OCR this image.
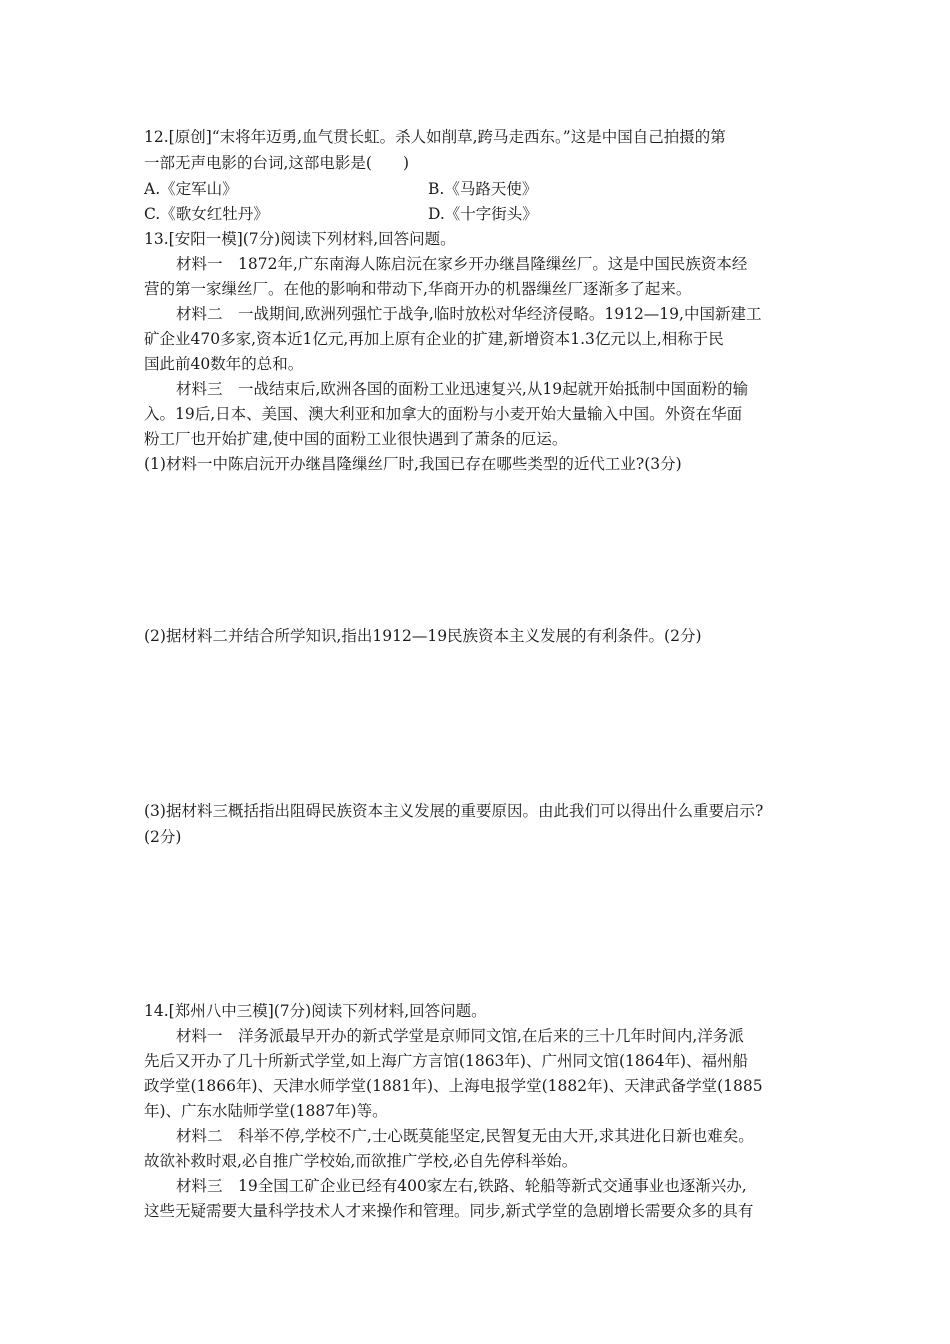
12.[原创]“末将年迈勇,血气贯长虹。杀人如削草,跨马走西东。”这是中国自己拍摄的第
一部无声电影的台词,这部电影是(　　)
A.《定军山》	B.《马路天使》
C.《歌女红牡丹》	D.《十字街头》
13.[安阳一模](7分)阅读下列材料,回答问题。
材料一　1872年,广东南海人陈启沅在家乡开办继昌隆缫丝厂。这是中国民族资本经
营的第一家缫丝厂。在他的影响和带动下,华商开办的机器缫丝厂逐渐多了起来。
材料二　一战期间,欧洲列强忙于战争,临时放松对华经济侵略。1912—19,中国新建工
矿企业470多家,资本近1亿元,再加上原有企业的扩建,新增资本1.3亿元以上,相称于民
国此前40数年的总和。
材料三　一战结束后,欧洲各国的面粉工业迅速复兴,从19起就开始抵制中国面粉的输
入。19后,日本、美国、澳大利亚和加拿大的面粉与小麦开始大量输入中国。外资在华面
粉工厂也开始扩建,使中国的面粉工业很快遇到了萧条的厄运。
(1)材料一中陈启沅开办继昌隆缫丝厂时,我国已存在哪些类型的近代工业?(3分)
(2)据材料二并结合所学知识,指出1912—19民族资本主义发展的有利条件。(2分)
(3)据材料三概括指出阻碍民族资本主义发展的重要原因。由此我们可以得出什么重要启示?
(2分)
14.[郑州八中三模](7分)阅读下列材料,回答问题。
材料一　洋务派最早开办的新式学堂是京师同文馆,在后来的三十几年时间内,洋务派
先后又开办了几十所新式学堂,如上海广方言馆(1863年)、广州同文馆(1864年)、福州船
政学堂(1866年)、天津水师学堂(1881年)、上海电报学堂(1882年)、天津武备学堂(1885
年)、广东水陆师学堂(1887年)等。
材料二　科举不停,学校不广,士心既莫能坚定,民智复无由大开,求其进化日新也难矣。
故欲补救时艰,必自推广学校始,而欲推广学校,必自先停科举始。
材料三　19全国工矿企业已经有400家左右,铁路、轮船等新式交通事业也逐渐兴办,
这些无疑需要大量科学技术人才来操作和管理。同步,新式学堂的急剧增长需要众多的具有
